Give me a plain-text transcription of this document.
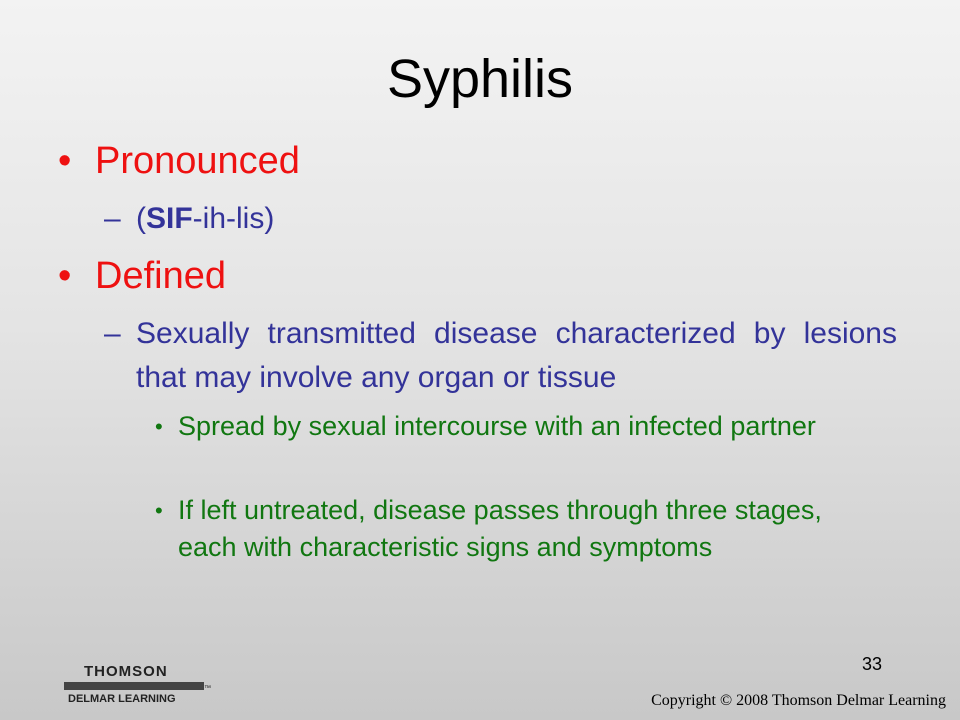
Syphilis
• Pronounced
– (SIF-ih-lis)
• Defined
– Sexually transmitted disease characterized by lesions that may involve any organ or tissue
• Spread by sexual intercourse with an infected partner
• If left untreated, disease passes through three stages, each with characteristic signs and symptoms
33
THOMSON
DELMAR LEARNING
™
Copyright © 2008 Thomson Delmar Learning
